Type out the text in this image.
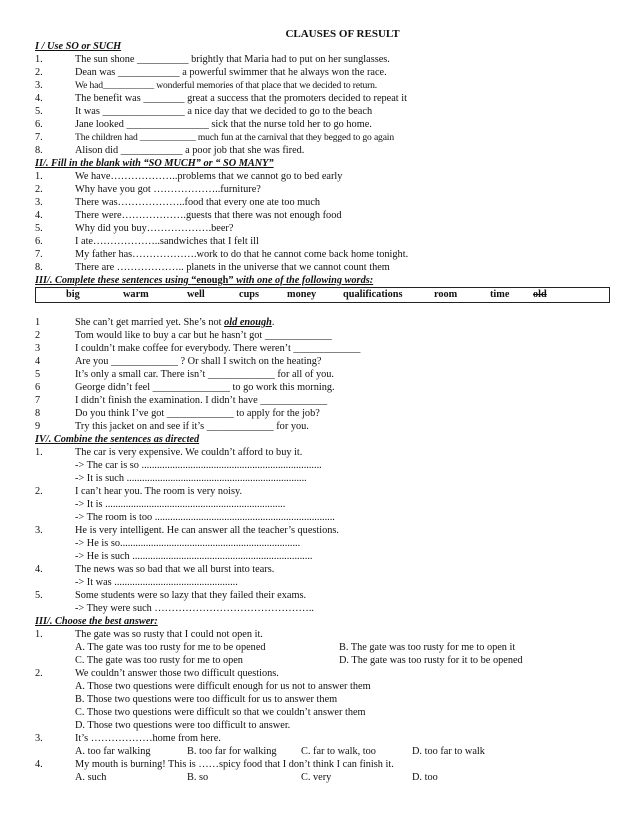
CLAUSES OF RESULT
I / Use SO or SUCH
1.	The sun shone __________ brightly that Maria had to put on her sunglasses.
2.	Dean was ____________ a powerful swimmer that he always won the race.
3.	We had___________ wonderful memories of that place that we decided to return.
4.	The benefit was ________ great a success that the promoters decided to repeat it
5.	It was ________________ a nice day that we decided to go to the beach
6.	Jane looked ________________ sick that the nurse told her to go home.
7.	The children had ____________ much fun at the carnival that they begged to go again
8.	Alison did ____________ a poor job that she was fired.
II/. Fill in the blank with “SO MUCH” or “ SO MANY”
1.	We have………………..problems that we cannot go to bed early
2.	Why have you got ………………..furniture?
3.	There was………………..food that every one ate too much
4.	There were……………….guests that there was not enough food
5.	Why did you buy……………….beer?
6.	I ate………………..sandwiches that I felt ill
7.	My father has……………….work to do that he cannot come back home tonight.
8.	There are ……………….. planets in the universe that we cannot count them
III/. Complete these sentences using “enough” with one of the following words:
big	warm	well	cups	money	qualifications	room	time old
1	She can’t get married yet. She’s not old enough.
2	Tom would like to buy a car but he hasn’t got _____________
3	I couldn’t make coffee for everybody. There weren’t _____________
4	Are you _____________ ? Or shall I switch on the heating?
5	It’s only a small car. There isn’t _____________ for all of you.
6	George didn’t feel _______________ to go work this morning.
7	I didn’t finish the examination. I didn’t have _____________
8	Do you think I’ve got _____________ to apply for the job?
9	Try this jacket on and see if it’s _____________ for you.
IV/. Combine the sentences as directed
1.	The car is very expensive. We couldn’t afford to buy it.
-> The car is so ......................................................................
-> It is such ......................................................................
2.	I can’t hear you. The room is very noisy.
-> It is ......................................................................
-> The room is too ......................................................................
3.	He is very intelligent. He can answer all the teacher’s questions.
-> He is so......................................................................
-> He is such ......................................................................
4.	The news was so bad that we all burst into tears.
-> It was ................................................
5.	Some students were so lazy that they failed their exams.
-> They were such ………………………………………..
III/. Choose the best answer:
1.	The gate was so rusty that I could not open it.
A. The gate was too rusty for me to be opened	B. The gate was too rusty for me to open it
C. The gate was too rusty for me to open	D. The gate was too rusty for it to be opened
2.	We couldn’t answer those two difficult questions.
A. Those two questions were difficult enough for us not to answer them
B. Those two questions were too difficult for us to answer them
C. Those two questions were difficult so that we couldn’t answer them
D. Those two questions were too difficult to answer.
3.	It’s ………………home from here.
A. too far walking	B. too far for walking C. far to walk, too	D. too far to walk
4.	My mouth is burning! This is ……spicy food that I don’t think I can finish it.
A. such	B. so	C. very	D. too
